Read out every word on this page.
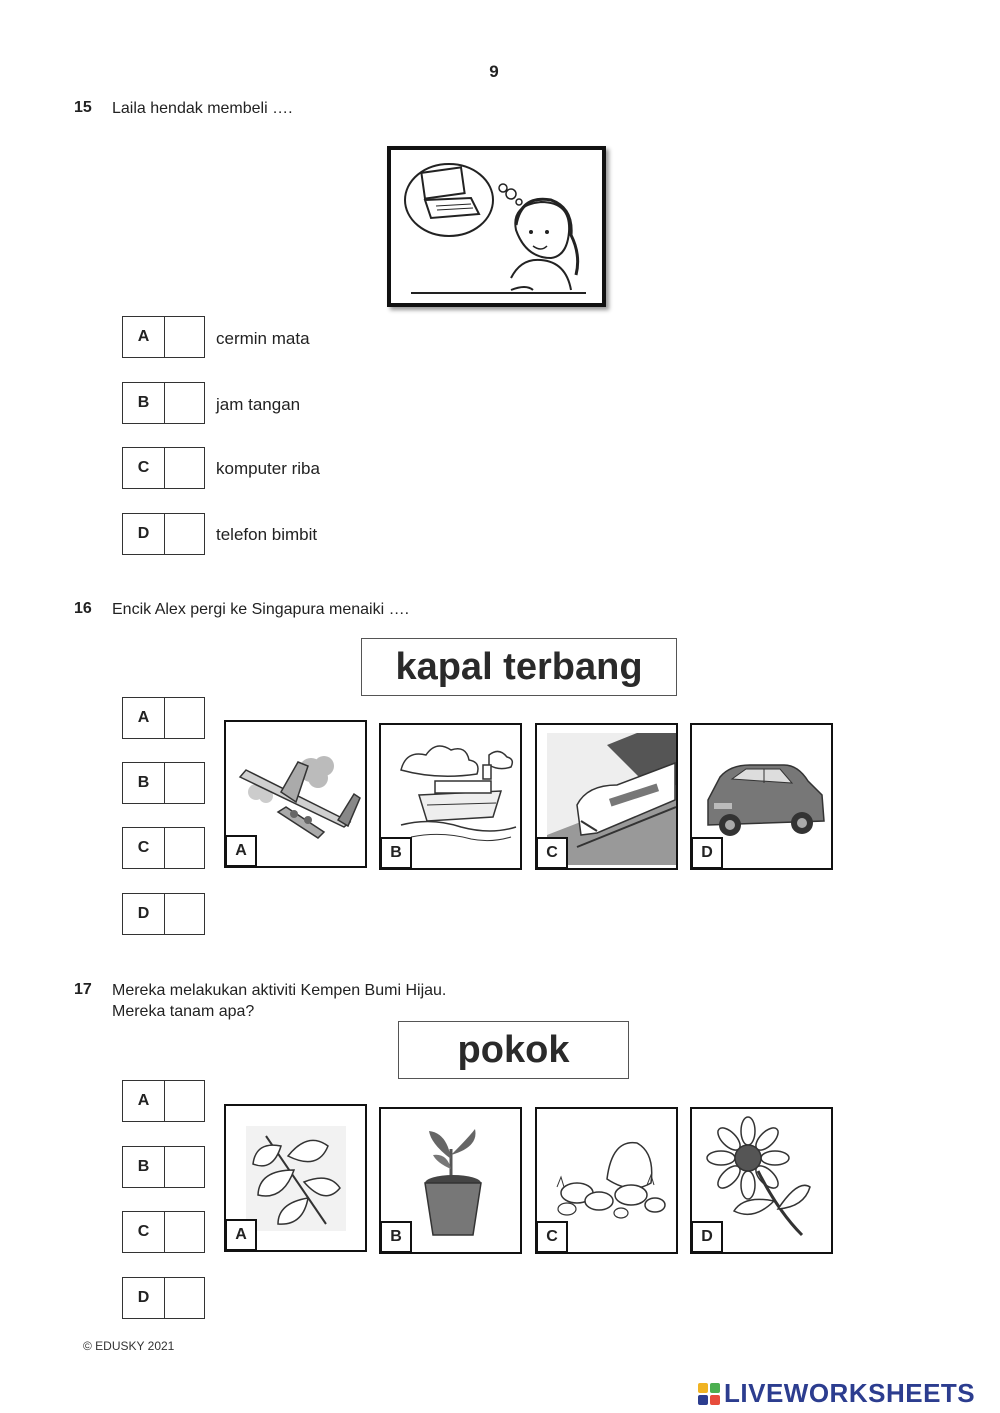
9
15 Laila hendak membeli ….
A	cermin mata
B	jam tangan
C	komputer riba
D	telefon bimbit
16 Encik Alex pergi ke Singapura menaiki ….
kapal terbang
A
B
C
D
A	B	C	D
17 Mereka melakukan aktiviti Kempen Bumi Hijau.
Mereka tanam apa?
pokok
A
B
C
D
A	B	C	D
© EDUSKY 2021
LIVEWORKSHEETS
